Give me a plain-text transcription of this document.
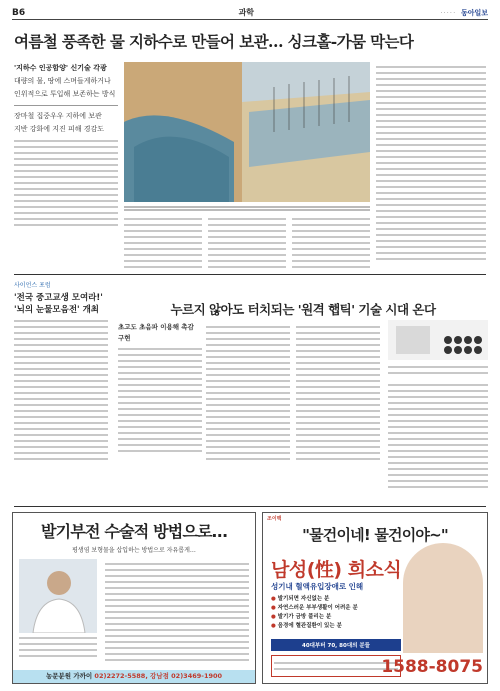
B6	과학	· · · · · 동아일보
여름철 풍족한 물 지하수로 만들어 보관… 싱크홀-가뭄 막는다
'지하수 인공함양' 신기술 각광
대량의 물, 땅에 스며들게하거나
인위적으로 투입해 보존하는 방식
장마철 집중우우 지하에 보관
지반 강화에 지진 피해 경감도
사이언스 포럼
'전국 중고교생 모여라!' '뇌의 눈물모음전' 개최	누르지 않아도 터치되는 '원격 햅틱' 기술 시대 온다
초고도 초음파 이용해 촉감 구현
발기부전 수술적 방법으로…
평생염 보형물을 삽입하는 방법으로 자유롭게…
농문분원 가까이 02)2272-5588, 강남점 02)3469-1900
조이맥
"물건이네! 물건이야~"
남성(性) 희소식
성기내 혈액유입장애로 인해
● 발기되면 자신없는 분
● 자연스러운 부부생활이 어려운 분
● 발기가 금방 풀리는 분
● 음경에 혈관질환이 있는 분
40대부터 70, 80대의 분들
1588-8075
